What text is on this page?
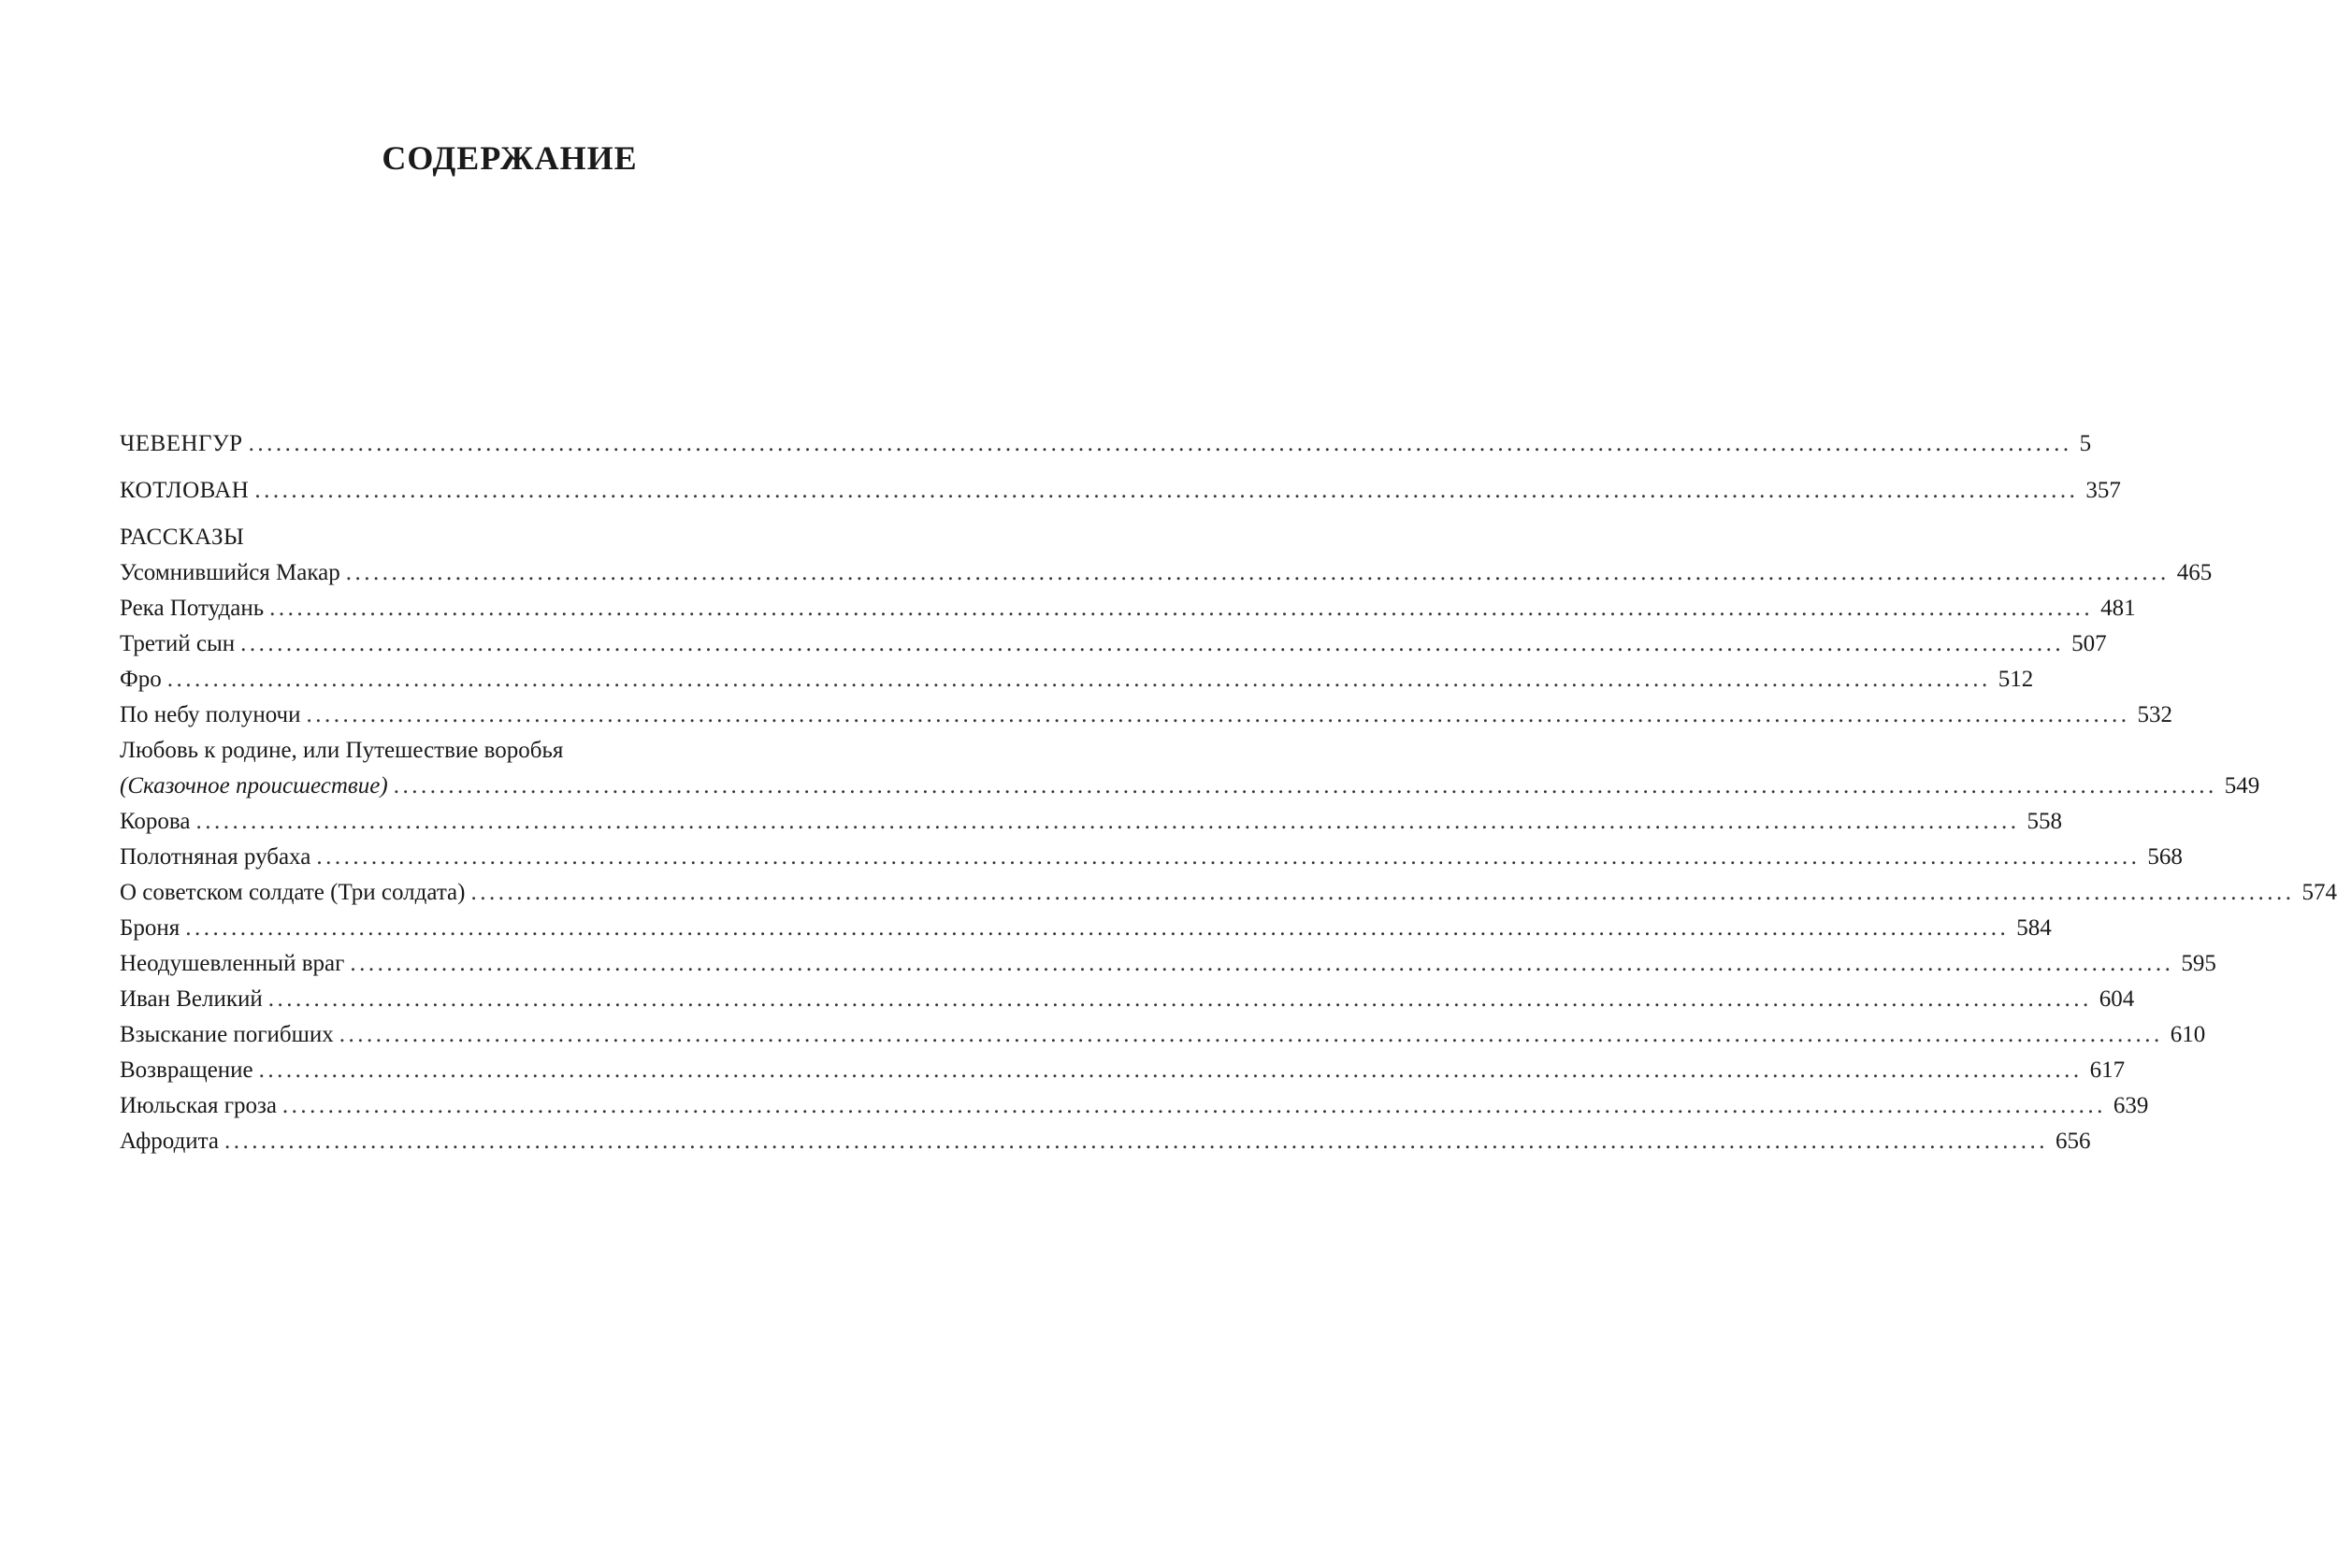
СОДЕРЖАНИЕ
ЧЕВЕНГУР ........................................................................................................................................................................................................ 5
КОТЛОВАН ........................................................................................................................................................................................................ 357
РАССКАЗЫ
Усомнившийся Макар ........................................................................................................................................................................................................ 465
Река Потудань ........................................................................................................................................................................................................ 481
Третий сын ........................................................................................................................................................................................................ 507
Фро ........................................................................................................................................................................................................ 512
По небу полуночи ........................................................................................................................................................................................................ 532
Любовь к родине, или Путешествие воробья
(Сказочное происшествие) ........................................................................................................................................................................................................ 549
Корова ........................................................................................................................................................................................................ 558
Полотняная рубаха ........................................................................................................................................................................................................ 568
О советском солдате (Три солдата) ........................................................................................................................................................................................................ 574
Броня ........................................................................................................................................................................................................ 584
Неодушевленный враг ........................................................................................................................................................................................................ 595
Иван Великий ........................................................................................................................................................................................................ 604
Взыскание погибших ........................................................................................................................................................................................................ 610
Возвращение ........................................................................................................................................................................................................ 617
Июльская гроза ........................................................................................................................................................................................................ 639
Афродита ........................................................................................................................................................................................................ 656
